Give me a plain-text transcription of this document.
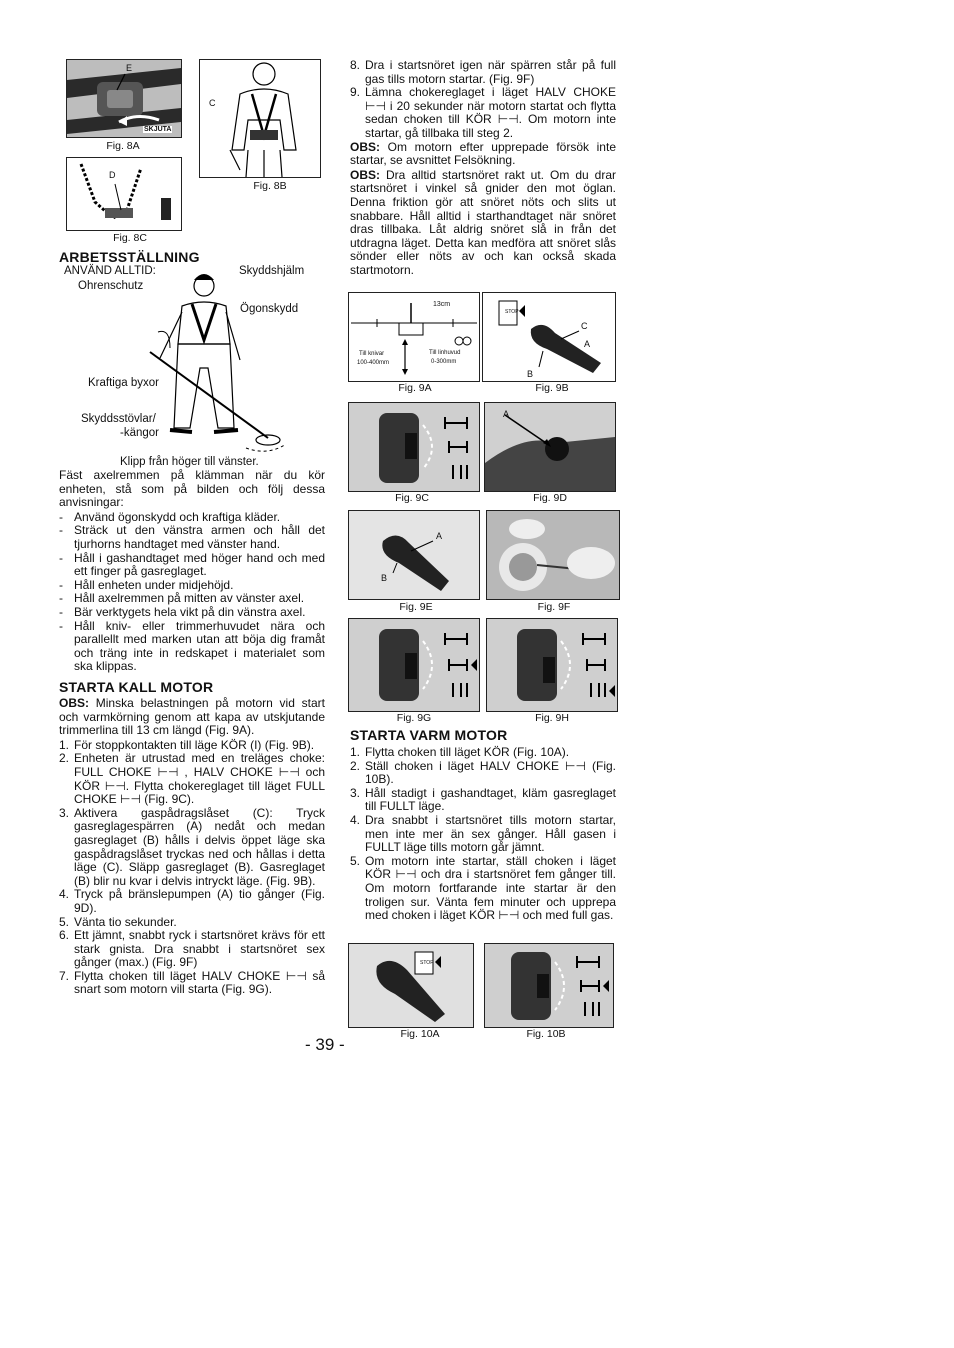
E
SKJUTA
Fig. 8A
C
Fig. 8B
D
Fig. 8C
ARBETSSTÄLLNING
ANVÄND ALLTID:
Ohrenschutz
Skyddshjälm
Ögonskydd
Kraftiga byxor
Skyddsstövlar/
-kängor
Klipp från höger till vänster.

Fäst axelremmen på klämman när du kör enheten, stå som på bilden och följ dessa anvisningar:

- Använd ögonskydd och kraftiga kläder.
- Sträck ut den vänstra armen och håll det tjurhorns handtaget med vänster hand.
- Håll i gashandtaget med höger hand och med ett finger på gasreglaget.
- Håll enheten under midjehöjd.
- Håll axelremmen på mitten av vänster axel.
- Bär verktygets hela vikt på din vänstra axel.
- Håll kniv- eller trimmerhuvudet nära och parallellt med marken utan att böja dig framåt och träng inte in redskapet i materialet som ska klippas.
STARTA KALL MOTOR

OBS: Minska belastningen på motorn vid start och varmkörning genom att kapa av utskjutande trimmerlina till 13 cm längd (Fig. 9A).

1. För stoppkontakten till läge KÖR (I) (Fig. 9B).
2. Enheten är utrustad med en treläges choke: FULL CHOKE ⊢⊣ , HALV CHOKE ⊢⊣ och KÖR ⊢⊣. Flytta chokereglaget till läget FULL CHOKE ⊢⊣ (Fig. 9C).
3. Aktivera gaspådragslåset (C): Tryck gasreglagespärren (A) nedåt och medan gasreglaget (B) hålls i delvis öppet läge ska gaspådragslåset tryckas ned och hållas i detta läge (C). Släpp gasreglaget (B). Gasreglaget (B) blir nu kvar i delvis intryckt läge. (Fig. 9B).
4. Tryck på bränslepumpen (A) tio gånger (Fig. 9D).
5. Vänta tio sekunder.
6. Ett jämnt, snabbt ryck i startsnöret krävs för ett stark gnista. Dra snabbt i startsnöret sex gånger (max.) (Fig. 9F)
7. Flytta choken till läget HALV CHOKE ⊢⊣ så snart som motorn vill starta (Fig. 9G).
8. Dra i startsnöret igen när spärren står på full gas tills motorn startar. (Fig. 9F)
9. Lämna chokereglaget i läget HALV CHOKE ⊢⊣ i 20 sekunder när motorn startat och flytta sedan choken till KÖR ⊢⊣. Om motorn inte startar, gå tillbaka till steg 2.

OBS: Om motorn efter upprepade försök inte startar, se avsnittet Felsökning.

OBS: Dra alltid startsnöret rakt ut. Om du drar startsnöret i vinkel så gnider den mot öglan. Denna friktion gör att snöret nöts och slits ut snabbare. Håll alltid i starthandtaget när snöret dras tillbaka. Låt aldrig snöret slå in från det utdragna läget. Detta kan medföra att snöret slås sönder eller nöts av och kan också skada startmotorn.

13cm
Till knivar
100-400mm
Till linhuvud
0-300mm
Fig. 9A
STOP
C
A
B
Fig. 9B
Fig. 9C
A
Fig. 9D
A
B
Fig. 9E	Fig. 9F
Fig. 9G	Fig. 9H
STARTA VARM MOTOR
1. Flytta choken till läget KÖR (Fig. 10A).
2. Ställ choken i läget HALV CHOKE ⊢⊣ (Fig. 10B).
3. Håll stadigt i gashandtaget, kläm gasreglaget till FULLT läge.
4. Dra snabbt i startsnöret tills motorn startar, men inte mer än sex gånger. Håll gasen i FULLT läge tills motorn går jämnt.
5. Om motorn inte startar, ställ choken i läget KÖR ⊢⊣ och dra i startsnöret fem gånger till. Om motorn fortfarande inte startar är den troligen sur. Vänta fem minuter och upprepa med choken i läget KÖR ⊢⊣ och med full gas.
STOP
Fig. 10A	Fig. 10B
- 39 -
